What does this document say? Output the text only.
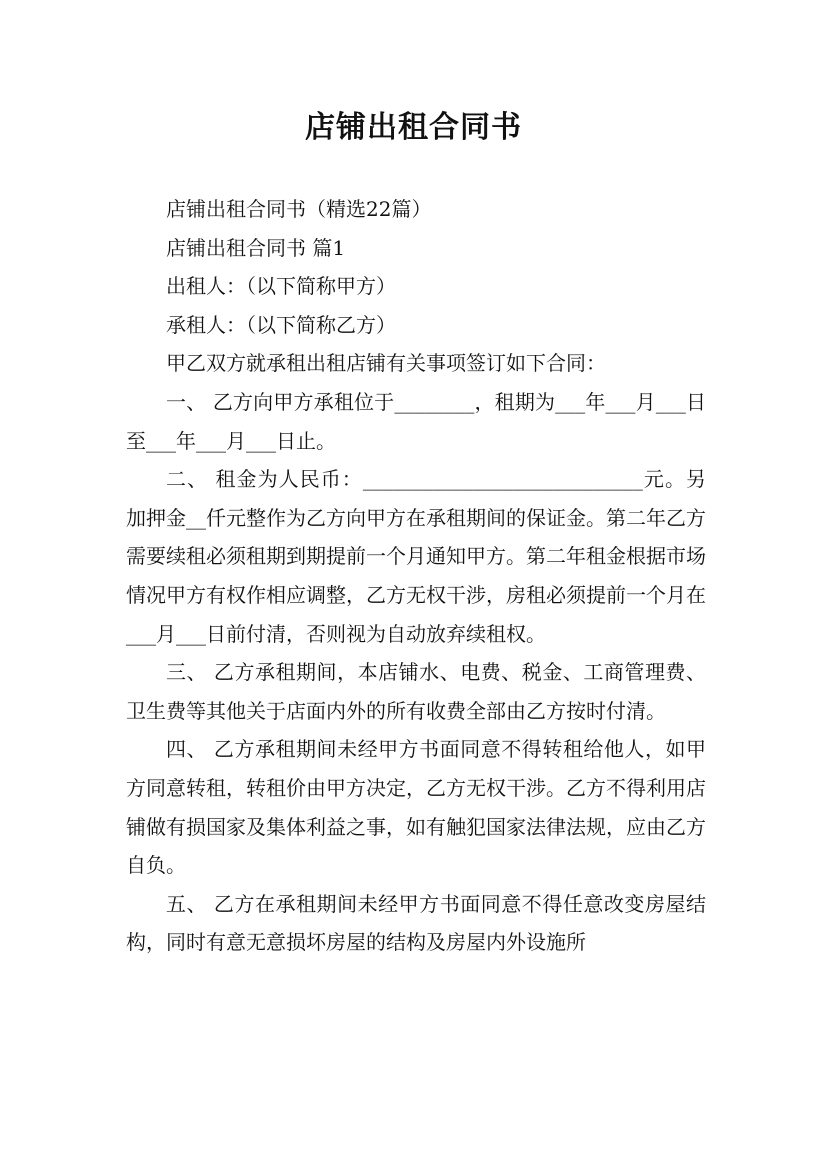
店铺出租合同书

店铺出租合同书（精选22篇）

店铺出租合同书 篇1

出租人：（以下简称甲方）

承租人：（以下简称乙方）

甲乙双方就承租出租店铺有关事项签订如下合同：

一、 乙方向甲方承租位于________，租期为___年___月___日至___年___月___日止。

二、 租金为人民币：____________________________元。另加押金__仟元整作为乙方向甲方在承租期间的保证金。第二年乙方需要续租必须租期到期提前一个月通知甲方。第二年租金根据市场情况甲方有权作相应调整，乙方无权干涉，房租必须提前一个月在___月___日前付清，否则视为自动放弃续租权。

三、 乙方承租期间，本店铺水、电费、税金、工商管理费、卫生费等其他关于店面内外的所有收费全部由乙方按时付清。

四、 乙方承租期间未经甲方书面同意不得转租给他人，如甲方同意转租，转租价由甲方决定，乙方无权干涉。乙方不得利用店铺做有损国家及集体利益之事，如有触犯国家法律法规，应由乙方自负。

五、 乙方在承租期间未经甲方书面同意不得任意改变房屋结构，同时有意无意损坏房屋的结构及房屋内外设施所
